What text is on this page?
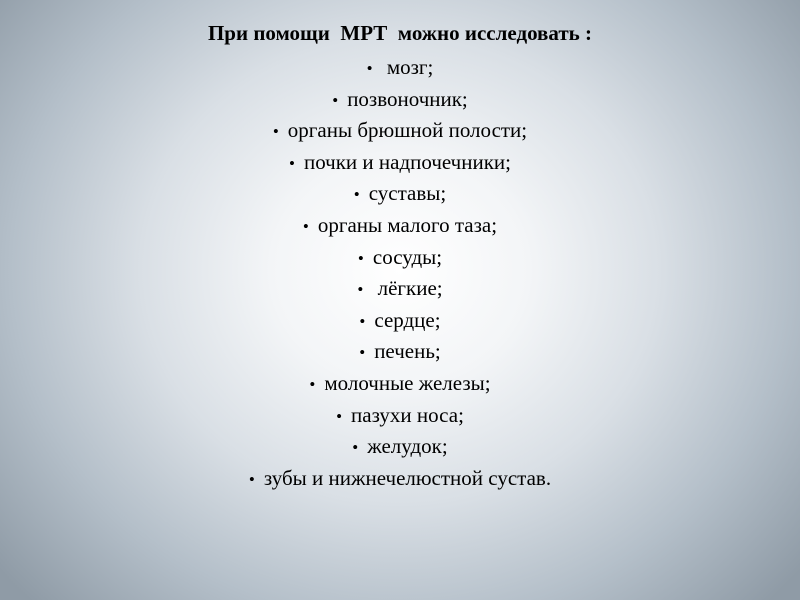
При помощи  МРТ  можно исследовать :
• мозг;
• позвоночник;
• органы брюшной полости;
• почки и надпочечники;
• суставы;
• органы малого таза;
• сосуды;
• лёгкие;
• сердце;
• печень;
• молочные железы;
• пазухи носа;
• желудок;
• зубы и нижнечелюстной сустав.
